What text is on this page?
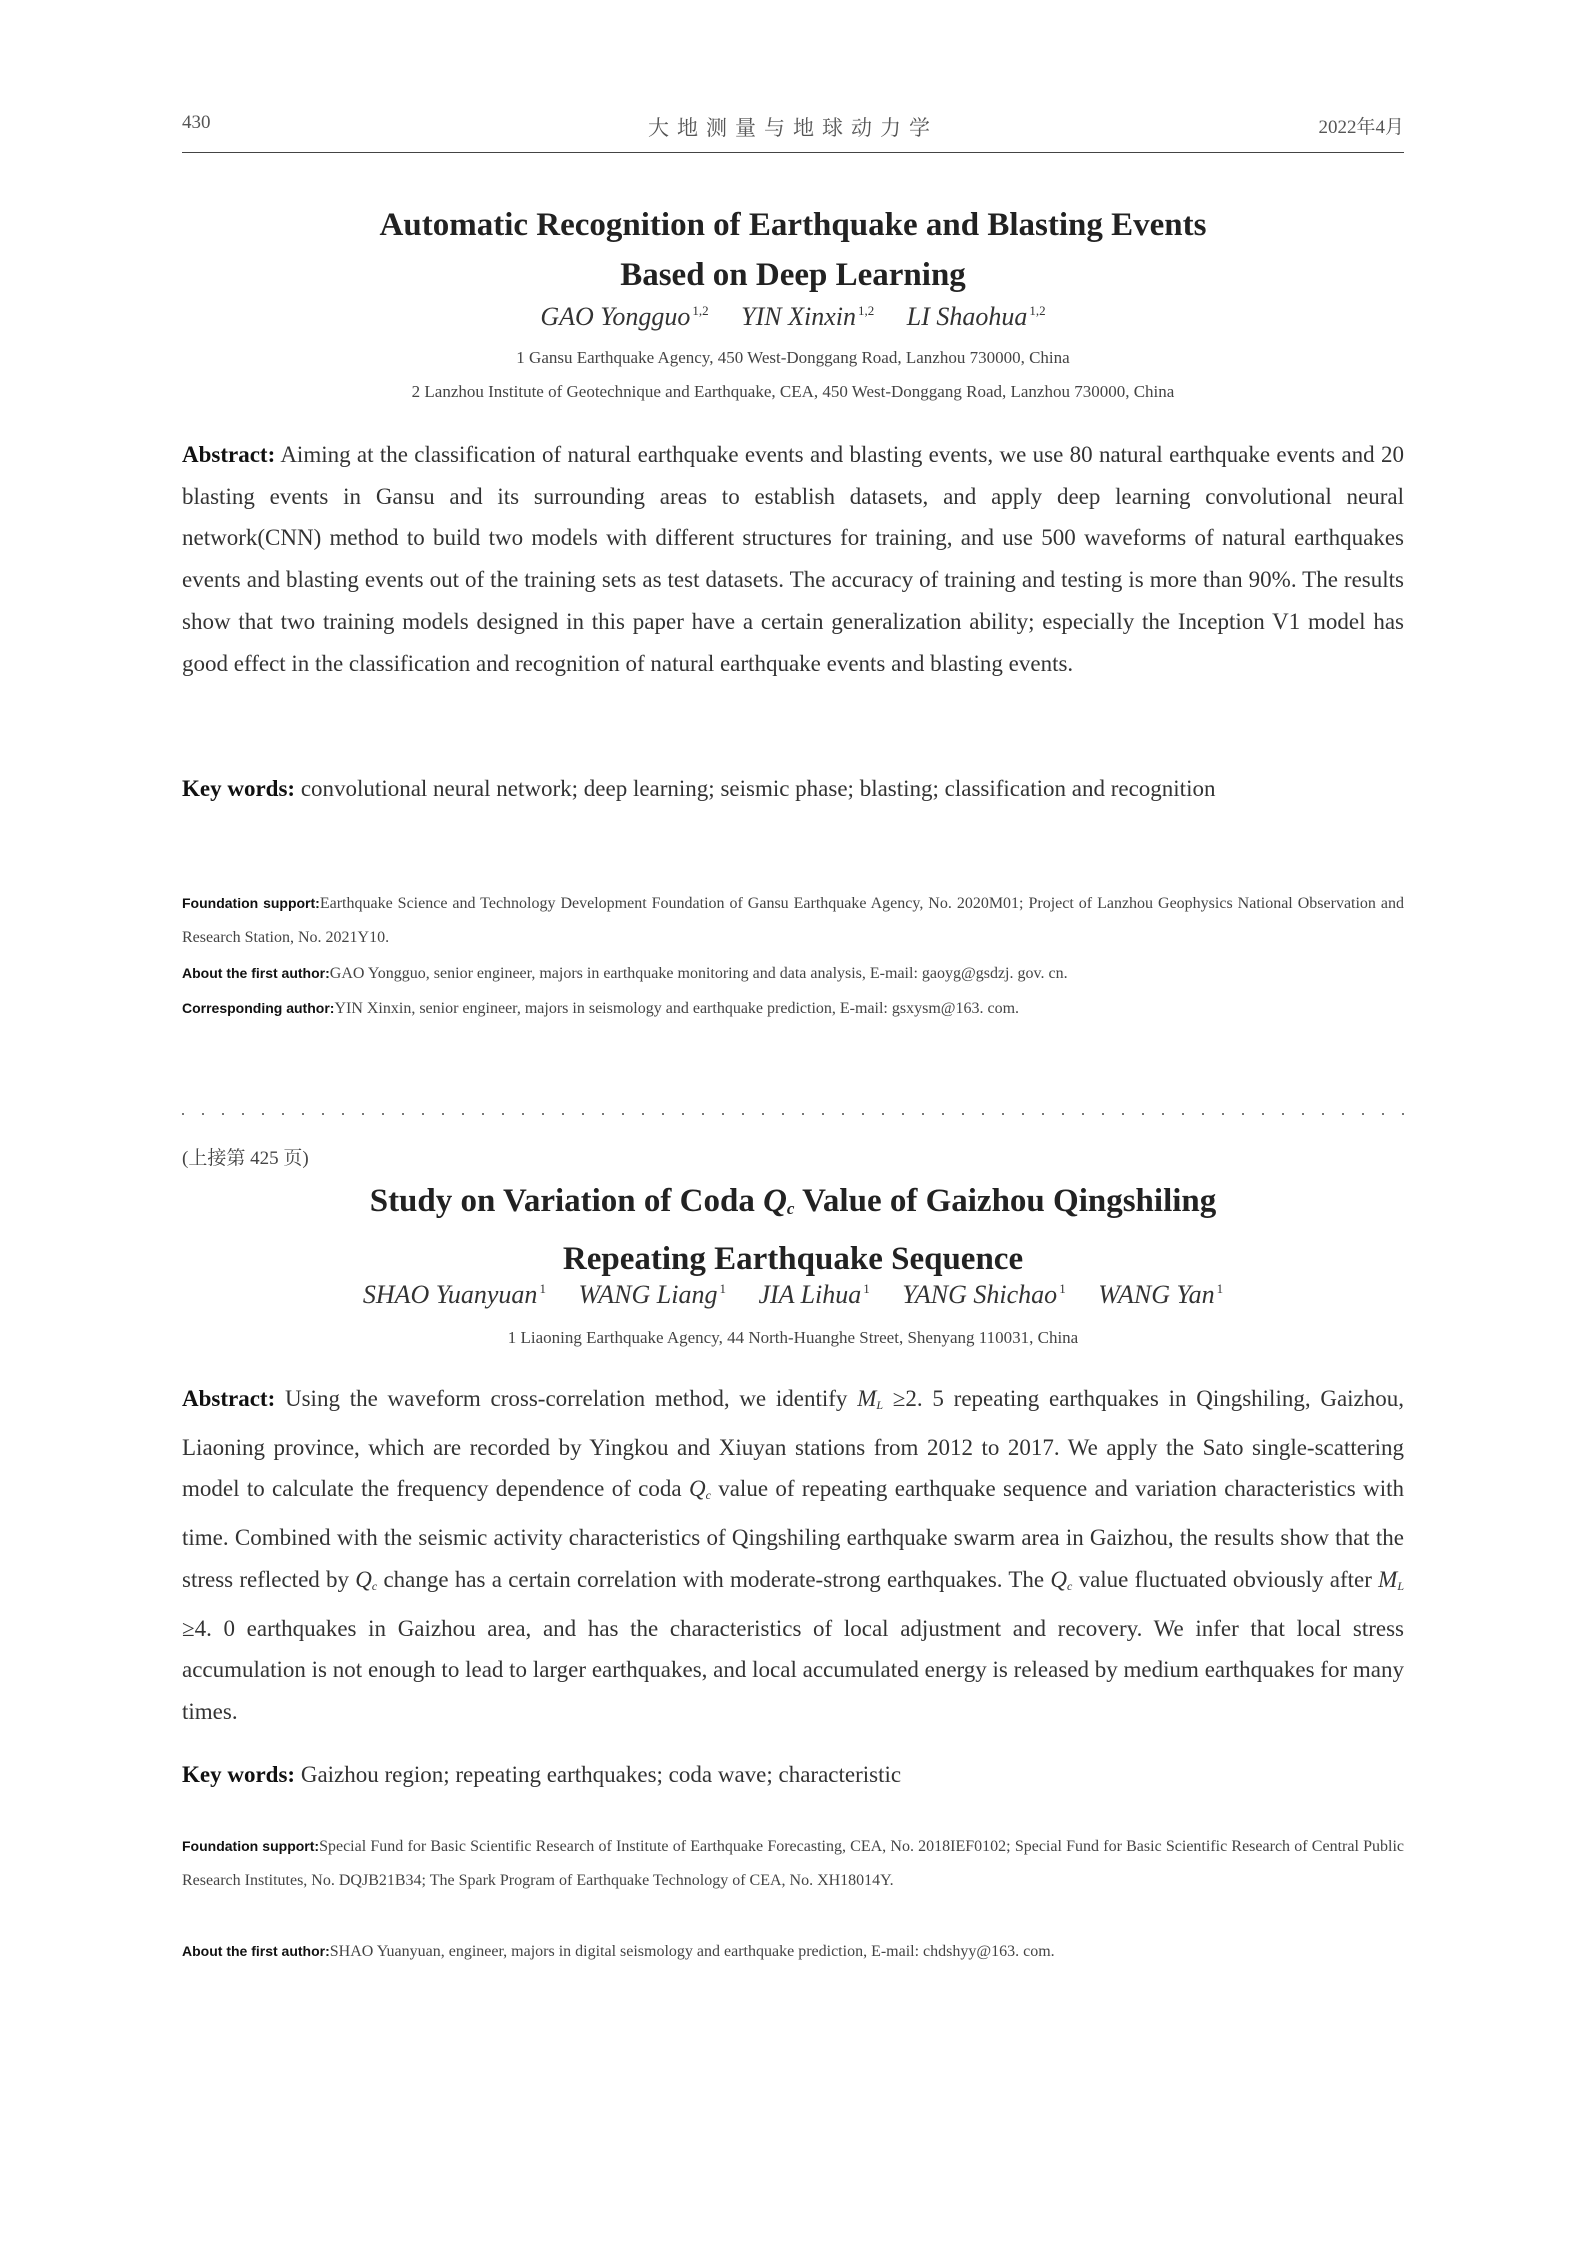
430	大地测量与地球动力学	2022年4月
Automatic Recognition of Earthquake and Blasting Events
Based on Deep Learning
GAO Yongguo $^{1,2}$ YIN Xinxin $^{1,2}$ LI Shaohua $^{1,2}$
1 Gansu Earthquake Agency, 450 West-Donggang Road, Lanzhou 730000, China
2 Lanzhou Institute of Geotechnique and Earthquake, CEA, 450 West-Donggang Road, Lanzhou 730000, China
Abstract: Aiming at the classification of natural earthquake events and blasting events, we use 80 natural earthquake events and 20 blasting events in Gansu and its surrounding areas to establish datasets, and apply deep learning convolutional neural network(CNN) method to build two models with different structures for training, and use 500 waveforms of natural earthquakes events and blasting events out of the training sets as test datasets. The accuracy of training and testing is more than 90%. The results show that two training models designed in this paper have a certain generalization ability; especially the Inception V1 model has good effect in the classification and recognition of natural earthquake events and blasting events.
Key words: convolutional neural network; deep learning; seismic phase; blasting; classification and recognition
Foundation support:Earthquake Science and Technology Development Foundation of Gansu Earthquake Agency, No. 2020M01; Project of Lanzhou Geophysics National Observation and Research Station, No. 2021Y10.
About the first author:GAO Yongguo, senior engineer, majors in earthquake monitoring and data analysis, E-mail: gaoyg@gsdzj. gov. cn.
Corresponding author:YIN Xinxin, senior engineer, majors in seismology and earthquake prediction, E-mail: gsxysm@163. com.
(上接第 425 页)
Study on Variation of Coda Qc Value of Gaizhou Qingshiling
Repeating Earthquake Sequence
SHAO Yuanyuan $^1$ WANG Liang $^1$ JIA Lihua $^1$ YANG Shichao $^1$ WANG Yan $^1$
1 Liaoning Earthquake Agency, 44 North-Huanghe Street, Shenyang 110031, China
Abstract: Using the waveform cross-correlation method, we identify $M_L \ge 2$. 5 repeating earthquakes in Qingshiling, Gaizhou, Liaoning province, which are recorded by Yingkou and Xiuyan stations from 2012 to 2017. We apply the Sato single-scattering model to calculate the frequency dependence of coda $Q_c$ value of repeating earthquake sequence and variation characteristics with time. Combined with the seismic activity characteristics of Qingshiling earthquake swarm area in Gaizhou, the results show that the stress reflected by $Q_c$ change has a certain correlation with moderate-strong earthquakes. The $Q_c$ value fluctuated obviously after $M_L \ge 4$. 0 earthquakes in Gaizhou area, and has the characteristics of local adjustment and recovery. We infer that local stress accumulation is not enough to lead to larger earthquakes, and local accumulated energy is released by medium earthquakes for many times.
Key words: Gaizhou region; repeating earthquakes; coda wave; characteristic
Foundation support:Special Fund for Basic Scientific Research of Institute of Earthquake Forecasting, CEA, No. 2018IEF0102; Special Fund for Basic Scientific Research of Central Public Research Institutes, No. DQJB21B34; The Spark Program of Earthquake Technology of CEA, No. XH18014Y.
About the first author:SHAO Yuanyuan, engineer, majors in digital seismology and earthquake prediction, E-mail: chdshyy@163. com.
